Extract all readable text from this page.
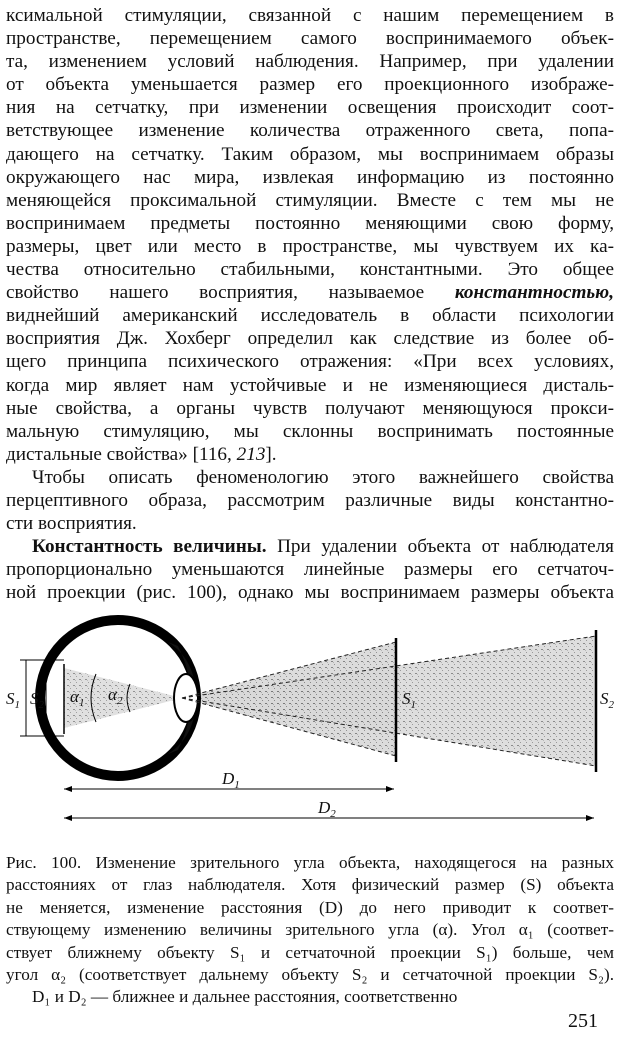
ксимальной стимуляции, связанной с нашим перемещением в
пространстве, перемещением самого воспринимаемого объек-
та, изменением условий наблюдения. Например, при удалении
от объекта уменьшается размер его проекционного изображе-
ния на сетчатку, при изменении освещения происходит соот-
ветствующее изменение количества отраженного света, попа-
дающего на сетчатку. Таким образом, мы воспринимаем образы
окружающего нас мира, извлекая информацию из постоянно
меняющейся проксимальной стимуляции. Вместе с тем мы не
воспринимаем предметы постоянно меняющими свою форму,
размеры, цвет или место в пространстве, мы чувствуем их ка-
чества относительно стабильными, константными. Это общее
свойство нашего восприятия, называемое константностью,
виднейший американский исследователь в области психологии
восприятия Дж. Хохберг определил как следствие из более об-
щего принципа психического отражения: «При всех условиях,
когда мир являет нам устойчивые и не изменяющиеся дисталь-
ные свойства, а органы чувств получают меняющуюся прокси-
мальную стимуляцию, мы склонны воспринимать постоянные
дистальные свойства» [116, 213].
Чтобы описать феноменологию этого важнейшего свойства
перцептивного образа, рассмотрим различные виды константно-
сти восприятия.
Константность величины. При удалении объекта от наблюдателя
пропорционально уменьшаются линейные размеры его сетчаточ-
ной проекции (рис. 100), однако мы воспринимаем размеры объекта
$S_1$ $S_2$ $\alpha_1$ $\alpha_2$	$S_1$	$S_2$
$D_1$
$D_2$
Рис. 100. Изменение зрительного угла объекта, находящегося на разных
расстояниях от глаз наблюдателя. Хотя физический размер (S) объекта
не меняется, изменение расстояния (D) до него приводит к соответ-
ствующему изменению величины зрительного угла (α). Угол α₁ (соответ-
ствует ближнему объекту S₁ и сетчаточной проекции S₁) больше, чем
угол α₂ (соответствует дальнему объекту S₂ и сетчаточной проекции S₂).
D₁ и D₂ — ближнее и дальнее расстояния, соответственно
251
